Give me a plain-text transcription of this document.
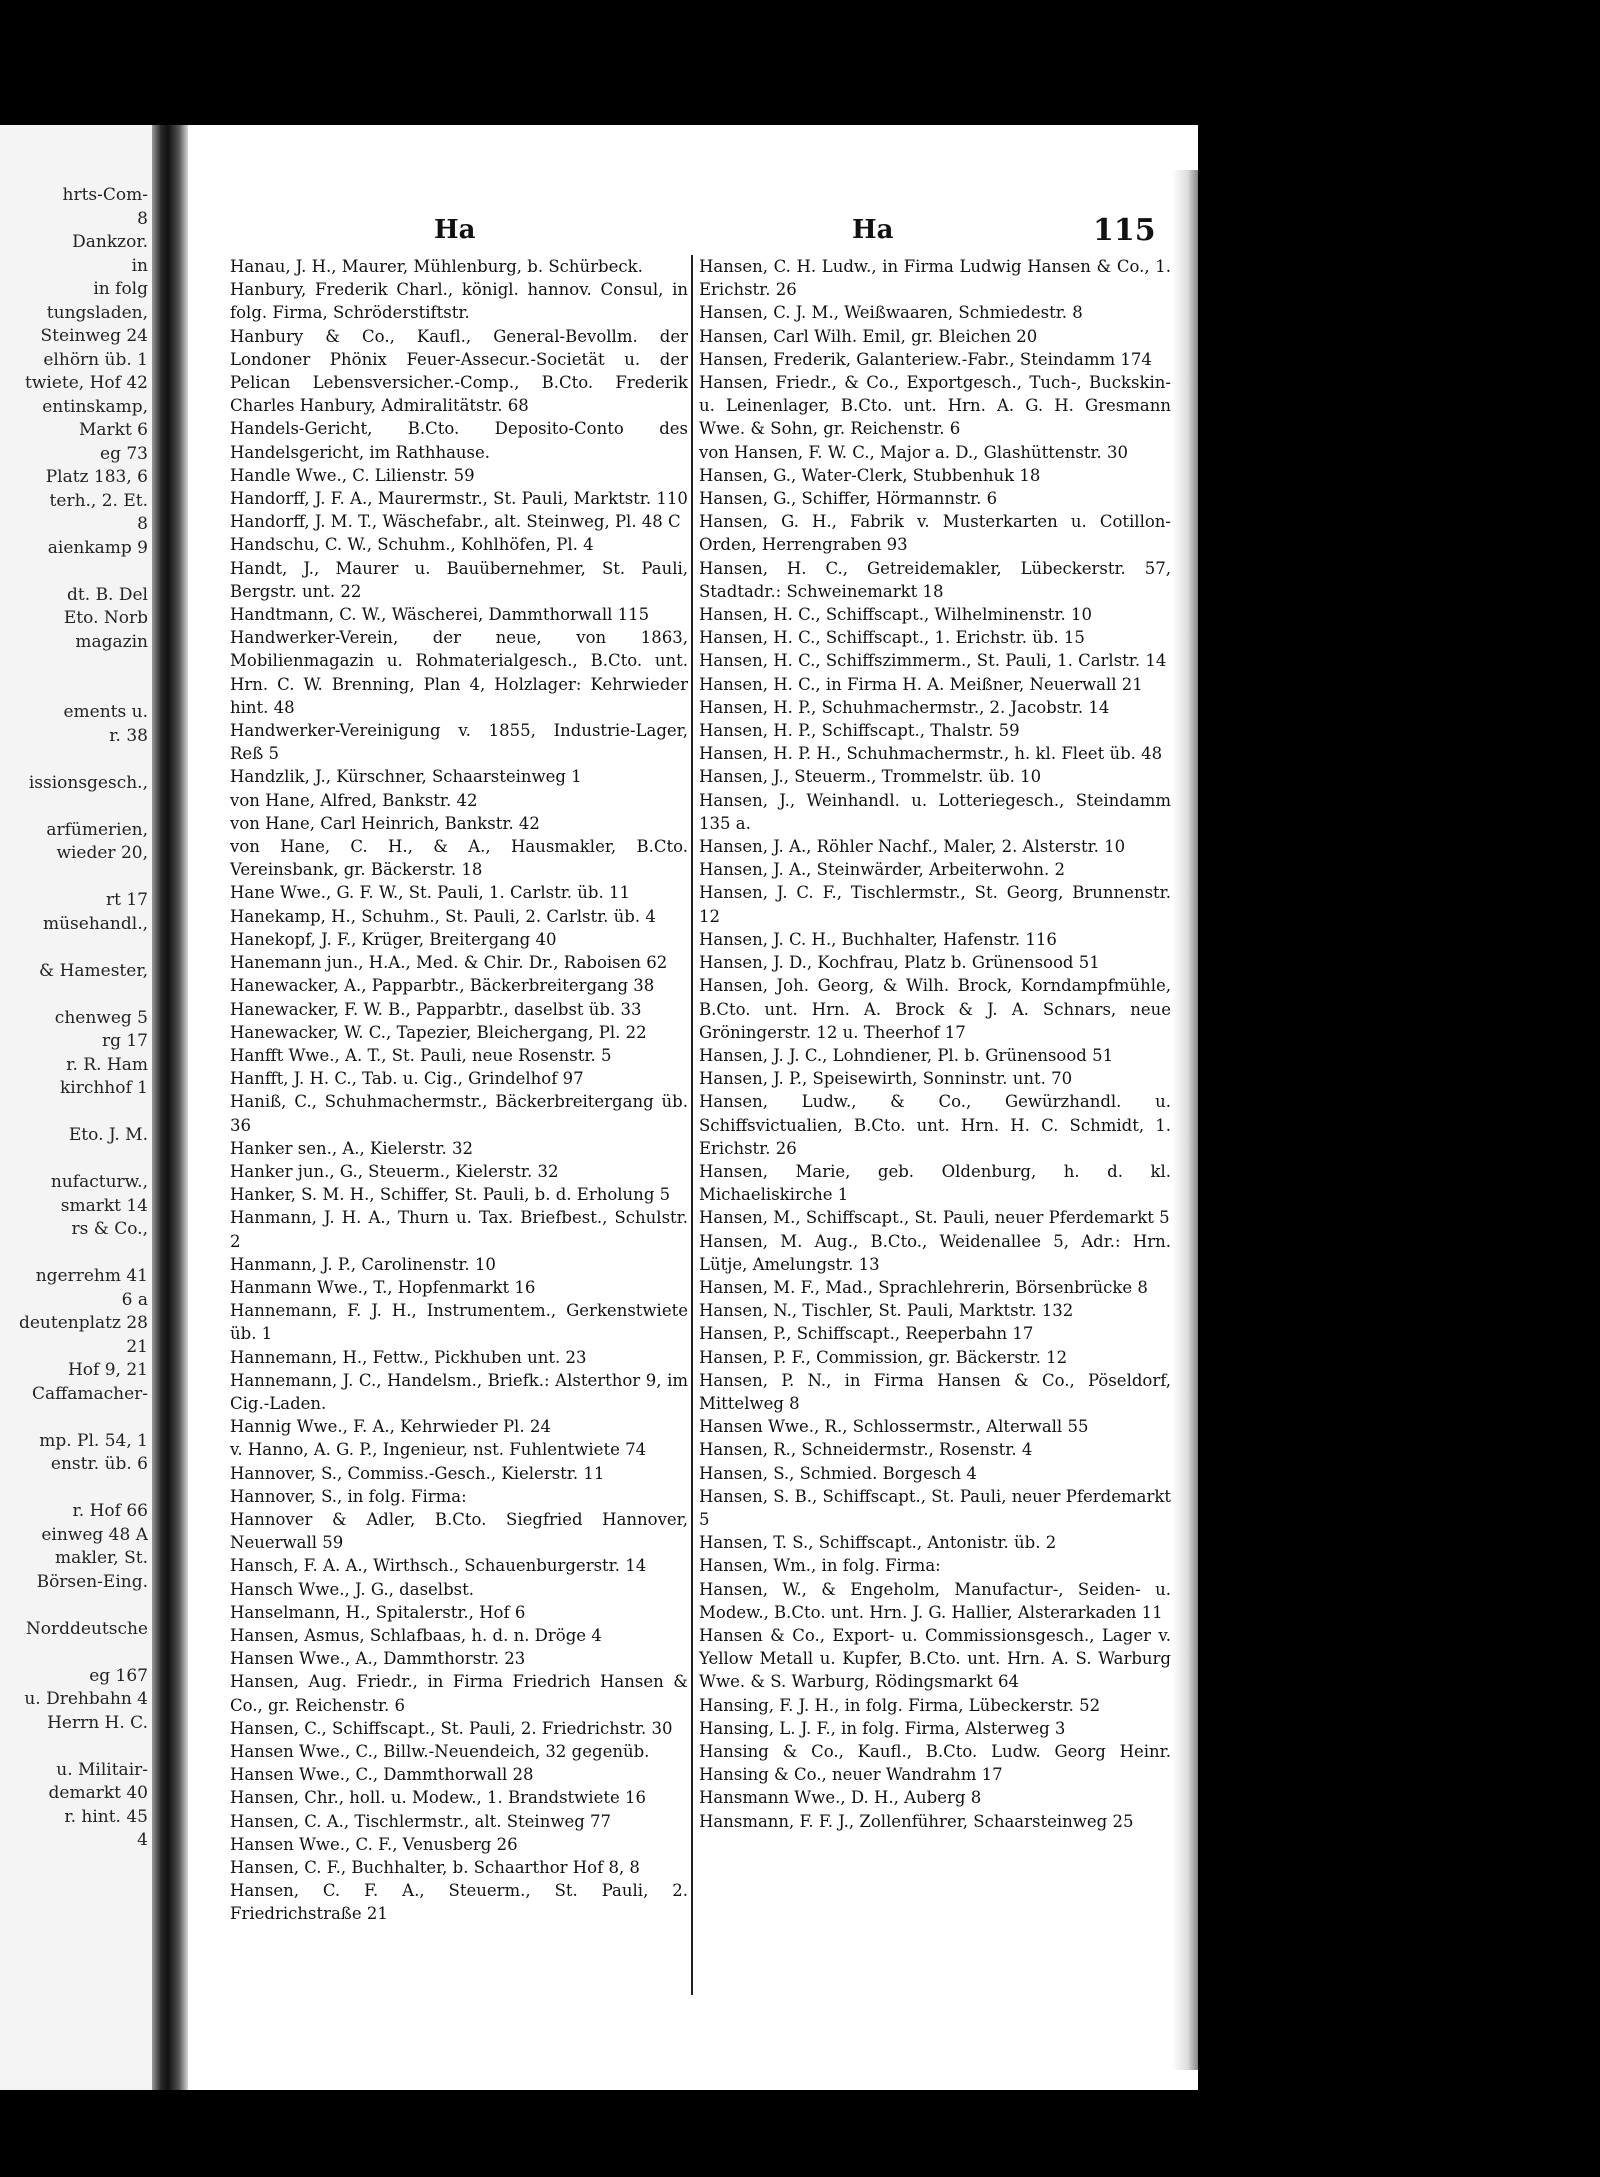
hrts-Com-
8
Dankzor.
in
in folg
tungsladen,
Steinweg 24
elhörn üb. 1
twiete, Hof 42
entinskamp,
Markt 6
eg 73
Platz 183, 6
terh., 2. Et.
8
aienkamp 9
dt. B. Del
Eto. Norb
magazin
ements u.
r. 38
issionsgesch.,
arfümerien,
wieder 20,
rt 17
müsehandl.,
& Hamester,
chenweg 5
rg 17
r. R. Ham
kirchhof 1
Eto. J. M.
nufacturw.,
smarkt 14
rs & Co.,
ngerrehm 41
6 a
deutenplatz 28
21
Hof 9, 21
Caffamacher-
mp. Pl. 54, 1
enstr. üb. 6
r. Hof 66
einweg 48 A
makler, St.
Börsen-Eing.
Norddeutsche
eg 167
u. Drehbahn 4
Herrn H. C.
u. Militair-
demarkt 40
r. hint. 45
4
Ha	Ha	115

Hanau, J. H., Maurer, Mühlenburg, b. Schürbeck.

Hanbury, Frederik Charl., königl. hannov. Consul, in folg. Firma, Schröderstiftstr.

Hanbury & Co., Kaufl., General-Bevollm. der Londoner Phönix Feuer-Assecur.-Societät u. der Pelican Lebensversicher.-Comp., B.Cto. Frederik Charles Hanbury, Admiralitätstr. 68

Handels-Gericht, B.Cto. Deposito-Conto des Handelsgericht, im Rathhause.

Handle Wwe., C. Lilienstr. 59

Handorff, J. F. A., Maurermstr., St. Pauli, Marktstr. 110

Handorff, J. M. T., Wäschefabr., alt. Steinweg, Pl. 48 C

Handschu, C. W., Schuhm., Kohlhöfen, Pl. 4

Handt, J., Maurer u. Bauübernehmer, St. Pauli, Bergstr. unt. 22

Handtmann, C. W., Wäscherei, Dammthorwall 115

Handwerker-Verein, der neue, von 1863, Mobilienmagazin u. Rohmaterialgesch., B.Cto. unt. Hrn. C. W. Brenning, Plan 4, Holzlager: Kehrwieder hint. 48

Handwerker-Vereinigung v. 1855, Industrie-Lager, Reß 5

Handzlik, J., Kürschner, Schaarsteinweg 1

von Hane, Alfred, Bankstr. 42

von Hane, Carl Heinrich, Bankstr. 42

von Hane, C. H., & A., Hausmakler, B.Cto. Vereinsbank, gr. Bäckerstr. 18

Hane Wwe., G. F. W., St. Pauli, 1. Carlstr. üb. 11

Hanekamp, H., Schuhm., St. Pauli, 2. Carlstr. üb. 4

Hanekopf, J. F., Krüger, Breitergang 40

Hanemann jun., H.A., Med. & Chir. Dr., Raboisen 62

Hanewacker, A., Papparbtr., Bäckerbreitergang 38

Hanewacker, F. W. B., Papparbtr., daselbst üb. 33

Hanewacker, W. C., Tapezier, Bleichergang, Pl. 22

Hanfft Wwe., A. T., St. Pauli, neue Rosenstr. 5

Hanfft, J. H. C., Tab. u. Cig., Grindelhof 97

Haniß, C., Schuhmachermstr., Bäckerbreitergang üb. 36

Hanker sen., A., Kielerstr. 32

Hanker jun., G., Steuerm., Kielerstr. 32

Hanker, S. M. H., Schiffer, St. Pauli, b. d. Erholung 5

Hanmann, J. H. A., Thurn u. Tax. Briefbest., Schulstr. 2

Hanmann, J. P., Carolinenstr. 10

Hanmann Wwe., T., Hopfenmarkt 16

Hannemann, F. J. H., Instrumentem., Gerkenstwiete üb. 1

Hannemann, H., Fettw., Pickhuben unt. 23

Hannemann, J. C., Handelsm., Briefk.: Alsterthor 9, im Cig.-Laden.

Hannig Wwe., F. A., Kehrwieder Pl. 24

v. Hanno, A. G. P., Ingenieur, nst. Fuhlentwiete 74

Hannover, S., Commiss.-Gesch., Kielerstr. 11

Hannover, S., in folg. Firma:

Hannover & Adler, B.Cto. Siegfried Hannover, Neuerwall 59

Hansch, F. A. A., Wirthsch., Schauenburgerstr. 14

Hansch Wwe., J. G., daselbst.

Hanselmann, H., Spitalerstr., Hof 6

Hansen, Asmus, Schlafbaas, h. d. n. Dröge 4

Hansen Wwe., A., Dammthorstr. 23

Hansen, Aug. Friedr., in Firma Friedrich Hansen & Co., gr. Reichenstr. 6

Hansen, C., Schiffscapt., St. Pauli, 2. Friedrichstr. 30

Hansen Wwe., C., Billw.-Neuendeich, 32 gegenüb.

Hansen Wwe., C., Dammthorwall 28

Hansen, Chr., holl. u. Modew., 1. Brandstwiete 16

Hansen, C. A., Tischlermstr., alt. Steinweg 77

Hansen Wwe., C. F., Venusberg 26

Hansen, C. F., Buchhalter, b. Schaarthor Hof 8, 8

Hansen, C. F. A., Steuerm., St. Pauli, 2. Friedrichstraße 21

Hansen, C. H. Ludw., in Firma Ludwig Hansen & Co., 1. Erichstr. 26

Hansen, C. J. M., Weißwaaren, Schmiedestr. 8

Hansen, Carl Wilh. Emil, gr. Bleichen 20

Hansen, Frederik, Galanteriew.-Fabr., Steindamm 174

Hansen, Friedr., & Co., Exportgesch., Tuch-, Buckskin- u. Leinenlager, B.Cto. unt. Hrn. A. G. H. Gresmann Wwe. & Sohn, gr. Reichenstr. 6

von Hansen, F. W. C., Major a. D., Glashüttenstr. 30

Hansen, G., Water-Clerk, Stubbenhuk 18

Hansen, G., Schiffer, Hörmannstr. 6

Hansen, G. H., Fabrik v. Musterkarten u. Cotillon-Orden, Herrengraben 93

Hansen, H. C., Getreidemakler, Lübeckerstr. 57, Stadtadr.: Schweinemarkt 18

Hansen, H. C., Schiffscapt., Wilhelminenstr. 10

Hansen, H. C., Schiffscapt., 1. Erichstr. üb. 15

Hansen, H. C., Schiffszimmerm., St. Pauli, 1. Carlstr. 14

Hansen, H. C., in Firma H. A. Meißner, Neuerwall 21

Hansen, H. P., Schuhmachermstr., 2. Jacobstr. 14

Hansen, H. P., Schiffscapt., Thalstr. 59

Hansen, H. P. H., Schuhmachermstr., h. kl. Fleet üb. 48

Hansen, J., Steuerm., Trommelstr. üb. 10

Hansen, J., Weinhandl. u. Lotteriegesch., Steindamm 135 a.

Hansen, J. A., Röhler Nachf., Maler, 2. Alsterstr. 10

Hansen, J. A., Steinwärder, Arbeiterwohn. 2

Hansen, J. C. F., Tischlermstr., St. Georg, Brunnenstr. 12

Hansen, J. C. H., Buchhalter, Hafenstr. 116

Hansen, J. D., Kochfrau, Platz b. Grünensood 51

Hansen, Joh. Georg, & Wilh. Brock, Korndampfmühle, B.Cto. unt. Hrn. A. Brock & J. A. Schnars, neue Gröningerstr. 12 u. Theerhof 17

Hansen, J. J. C., Lohndiener, Pl. b. Grünensood 51

Hansen, J. P., Speisewirth, Sonninstr. unt. 70

Hansen, Ludw., & Co., Gewürzhandl. u. Schiffsvictualien, B.Cto. unt. Hrn. H. C. Schmidt, 1. Erichstr. 26

Hansen, Marie, geb. Oldenburg, h. d. kl. Michaeliskirche 1

Hansen, M., Schiffscapt., St. Pauli, neuer Pferdemarkt 5

Hansen, M. Aug., B.Cto., Weidenallee 5, Adr.: Hrn. Lütje, Amelungstr. 13

Hansen, M. F., Mad., Sprachlehrerin, Börsenbrücke 8

Hansen, N., Tischler, St. Pauli, Marktstr. 132

Hansen, P., Schiffscapt., Reeperbahn 17

Hansen, P. F., Commission, gr. Bäckerstr. 12

Hansen, P. N., in Firma Hansen & Co., Pöseldorf, Mittelweg 8

Hansen Wwe., R., Schlossermstr., Alterwall 55

Hansen, R., Schneidermstr., Rosenstr. 4

Hansen, S., Schmied. Borgesch 4

Hansen, S. B., Schiffscapt., St. Pauli, neuer Pferdemarkt 5

Hansen, T. S., Schiffscapt., Antonistr. üb. 2

Hansen, Wm., in folg. Firma:

Hansen, W., & Engeholm, Manufactur-, Seiden- u. Modew., B.Cto. unt. Hrn. J. G. Hallier, Alsterarkaden 11

Hansen & Co., Export- u. Commissionsgesch., Lager v. Yellow Metall u. Kupfer, B.Cto. unt. Hrn. A. S. Warburg Wwe. & S. Warburg, Rödingsmarkt 64

Hansing, F. J. H., in folg. Firma, Lübeckerstr. 52

Hansing, L. J. F., in folg. Firma, Alsterweg 3

Hansing & Co., Kaufl., B.Cto. Ludw. Georg Heinr. Hansing & Co., neuer Wandrahm 17

Hansmann Wwe., D. H., Auberg 8

Hansmann, F. F. J., Zollenführer, Schaarsteinweg 25
